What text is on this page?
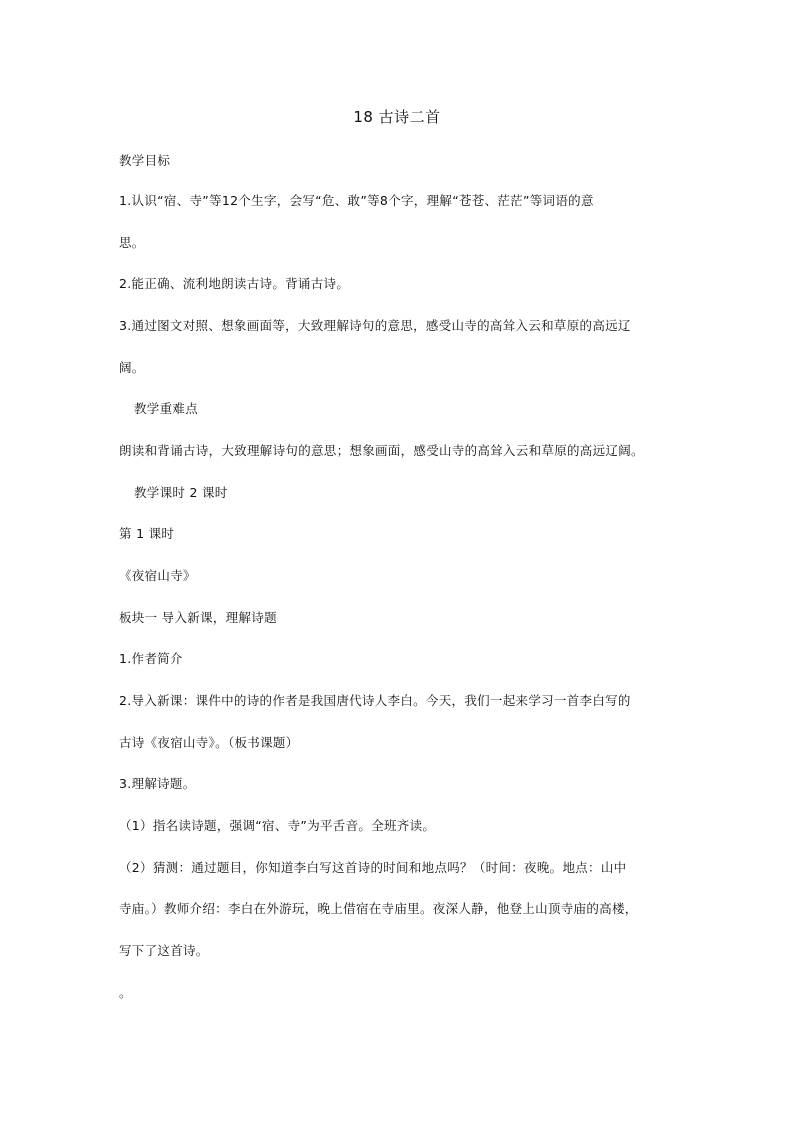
18 古诗二首
教学目标
1.认识“宿、寺”等12个生字，会写“危、敢”等8个字，理解“苍苍、茫茫”等词语的意
思。
2.能正确、流利地朗读古诗。背诵古诗。
3.通过图文对照、想象画面等，大致理解诗句的意思，感受山寺的高耸入云和草原的高远辽
阔。
教学重难点
朗读和背诵古诗，大致理解诗句的意思；想象画面，感受山寺的高耸入云和草原的高远辽阔。
教学课时 2 课时
第 1 课时
《夜宿山寺》
板块一 导入新课，理解诗题
1.作者简介
2.导入新课：课件中的诗的作者是我国唐代诗人李白。今天，我们一起来学习一首李白写的
古诗《夜宿山寺》。（板书课题）
3.理解诗题。
（1）指名读诗题，强调“宿、寺”为平舌音。全班齐读。
（2）猜测：通过题目，你知道李白写这首诗的时间和地点吗？（时间：夜晚。地点：山中
寺庙。）教师介绍：李白在外游玩，晚上借宿在寺庙里。夜深人静，他登上山顶寺庙的高楼，
写下了这首诗。
。
